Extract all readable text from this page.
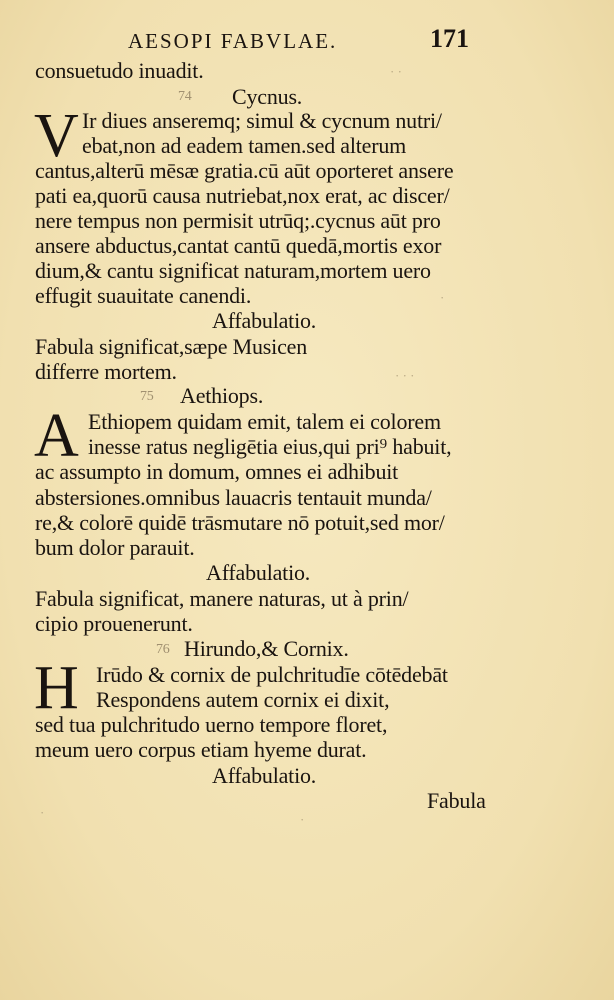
AESOPI FABVLAE.	171
consuetudo inuadit.
74 Cycnus.
V Ir diues anseremq; simul & cycnum nutri/
ebat,non ad eadem tamen.sed alterum
cantus,alterū mēsæ gratia.cū aūt oporteret ansere
pati ea,quorū causa nutriebat,nox erat, ac discer/
nere tempus non permisit utrūq;.cycnus aūt pro
ansere abductus,cantat cantū quedā,mortis exor
dium,& cantu significat naturam,mortem uero
effugit suauitate canendi.
Affabulatio.
Fabula significat,sæpe Musicen
differre mortem.
75 Aethiops.
A Ethiopem quidam emit, talem ei colorem
inesse ratus negligētia eius,qui pri⁹ habuit,
ac assumpto in domum, omnes ei adhibuit
abstersiones.omnibus lauacris tentauit munda/
re,& colorē quidē trāsmutare nō potuit,sed mor/
bum dolor parauit.
Affabulatio.
Fabula significat, manere naturas, ut à prin/
cipio prouenerunt.
76 Hirundo,& Cornix.
H Irūdo & cornix de pulchritudīe cōtēdebāt
Respondens autem cornix ei dixit,
sed tua pulchritudo uerno tempore floret,
meum uero corpus etiam hyeme durat.
Affabulatio.
Fabula
· ·
·
· · ·
·
·
